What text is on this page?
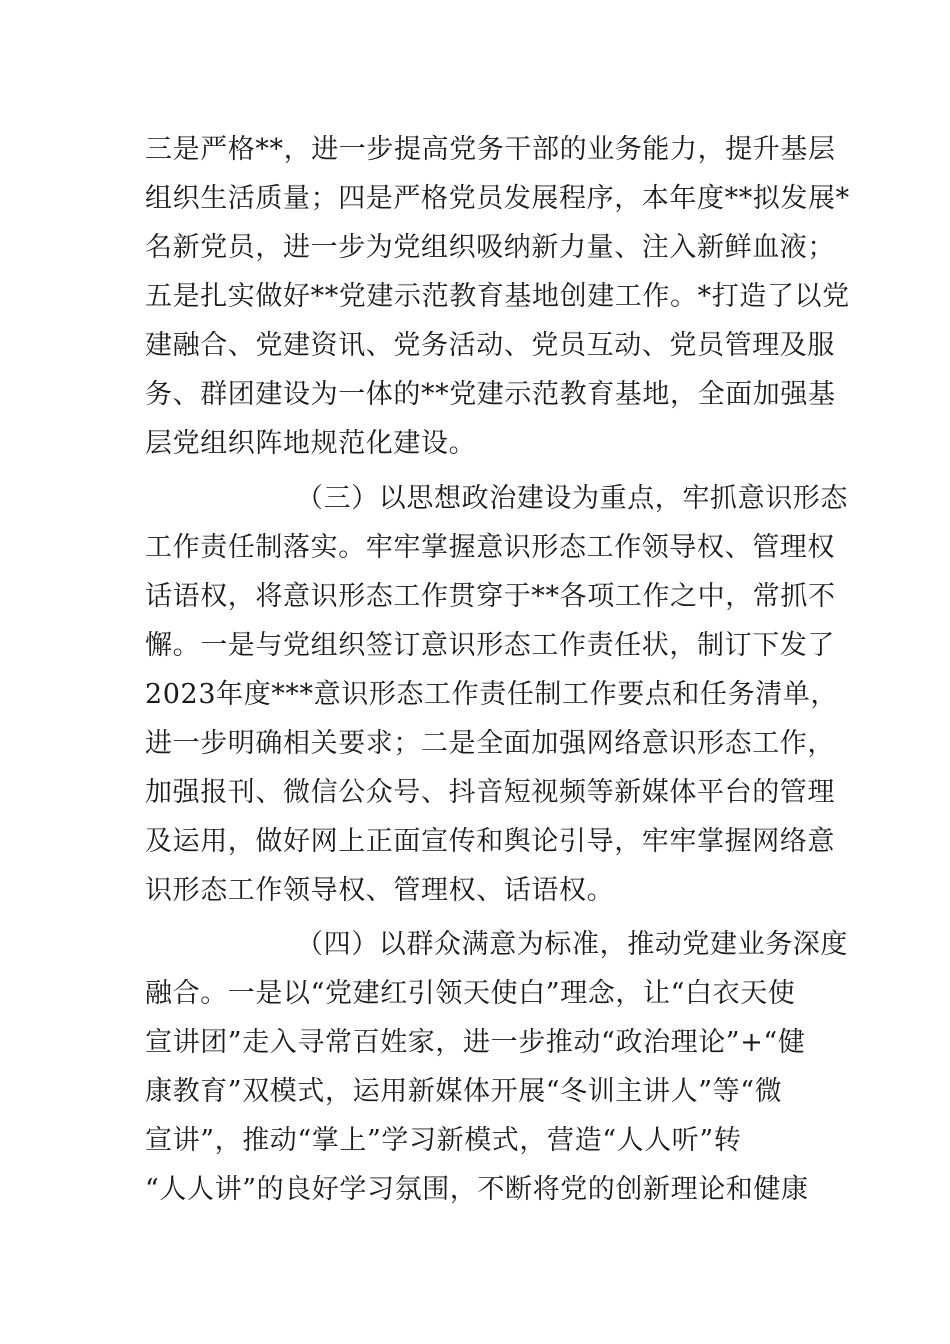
三是严格**，进一步提高党务干部的业务能力，提升基层
组织生活质量；四是严格党员发展程序，本年度**拟发展*
名新党员，进一步为党组织吸纳新力量、注入新鲜血液；
五是扎实做好**党建示范教育基地创建工作。*打造了以党
建融合、党建资讯、党务活动、党员互动、党员管理及服
务、群团建设为一体的**党建示范教育基地，全面加强基
层党组织阵地规范化建设。
（三）以思想政治建设为重点，牢抓意识形态
工作责任制落实。牢牢掌握意识形态工作领导权、管理权
话语权，将意识形态工作贯穿于**各项工作之中，常抓不
懈。一是与党组织签订意识形态工作责任状，制订下发了
2023年度***意识形态工作责任制工作要点和任务清单，
进一步明确相关要求；二是全面加强网络意识形态工作，
加强报刊、微信公众号、抖音短视频等新媒体平台的管理
及运用，做好网上正面宣传和舆论引导，牢牢掌握网络意
识形态工作领导权、管理权、话语权。
（四）以群众满意为标准，推动党建业务深度
融合。一是以“党建红引领天使白”理念，让“白衣天使
宣讲团”走入寻常百姓家，进一步推动“政治理论”+“健
康教育”双模式，运用新媒体开展“冬训主讲人”等“微
宣讲”，推动“掌上”学习新模式，营造“人人听”转
“人人讲”的良好学习氛围，不断将党的创新理论和健康
